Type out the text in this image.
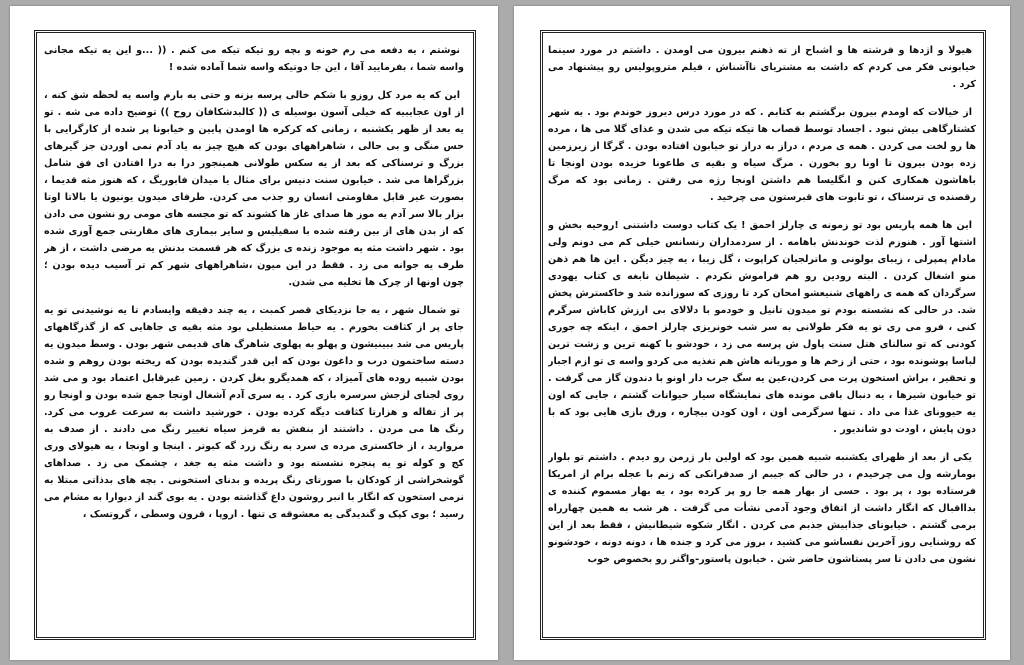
نوشتم ، یه دفعه می رم خونه و بچه رو تیکه تیکه می کنم . (( ...و این یه تیکه مجانی واسه شما ، بفرمایید آقا ، این جا دوتیکه واسه شما آماده شده !

این که یه مرد کل روزو با شکم خالی پرسه بزنه و حتی یه بارم واسه یه لحظه شق کنه ، از اون عجایبیه که خیلی آسون بوسیله ی (( کالبدشکافان روح )) توضیح داده می شه . تو یه بعد از ظهر یکشنبه ، زمانی که کرکره ها اومدن پایین و خیابونا پر شده از کارگرایی با حس منگی و بی حالی ، شاهراههای بودن که هیچ چیز به یاد آدم نمی اوردن جز گیرهای بزرگ و ترسناکی که بعد از یه سکس طولانی همینجور درا به درا افتادن ای فق شامل بزرگراها می شد . خیابون سنت دنیس برای مثال یا میدان فابوریگ ، که هنوز مثه قدیما ، بصورت غیر قابل مقاومتی انسان رو جذب می کردن. طرفای میدون یونیون یا بالاتا اوتا بزار بالا سر آدم یه موز ها صدای غاز ها کشوند که تو مجسه های مومی رو نشون می دادن که از بدن های از بین رفته شده با سفیلیس و سایر بیماری های مقاربتی جمع آوری شده بود . شهر داشت مثه یه موجود زنده ی بزرگ که هر قسمت بدنش یه مرضی داشت ، از هر طرف یه جوانه می زد . فقط در این میون ،شاهراههای شهر کم تر آسیب دیده بودن ؛ چون اونها از چرک ها تخلیه می شدن.

تو شمال شهر ، یه جا نزدیکای قصر کمبت ، یه چند دقیقه وایسادم تا یه نوشیدنی تو یه جای پر از کثافت بخورم . یه حیاط مستطیلی بود مثه بقیه ی جاهایی که از گذرگاههای پاریس می شد ببینیشون و پهلو به پهلوی شاهرگ های قدیمی شهر بودن . وسط میدون یه دسته ساختمون درب و داغون بودن که این قدر گندیده بودن که ریخته بودن روهم و شده بودن شبیه روده های آمیزاد ، که همدیگرو بغل کردن . زمین غیرقابل اعتماد بود و می شد روی لجنای لزجش سرسره بازی کرد . یه سری آدم آشغال اونجا جمع شده بودن و اونجا رو پر از تفاله و هزارتا کثافت دیگه کرده بودن . خورشید داشت به سرعت غروب می کرد. رنگ ها می مردن . داشتند از بنفش به قرمز سیاه تغییر رنگ می دادند . از صدف به مروارید ، از خاکستری مرده ی سرد به رنگ زرد گه کبوتر . اینجا و اونجا ، یه هیولای وری کج و کوله تو یه پنجره نشسته بود و داشت مثه یه جغد ، چشمک می زد . صداهای گوشخراشی از کودکان با صورتای رنگ پریده و بدنای استخونی . بچه های بدذاتی مبتلا به نرمی استخون که انگار با انبر روشون داغ گذاشته بودن . یه بوی گند از دیوارا به مشام می رسید ؛ بوی کپک و گندیدگی یه معشوقه ی تنها . اروپا ، قرون وسطی ، گروتسک ،

هیولا و اژدها و فرشته ها و اشباح از ته ذهنم بیرون می اومدن . داشتم در مورد سینما خیابونی فکر می کردم که داشت به مشتریای ناآشناش ، فیلم متروپولیس رو پیشنهاد می کرد .

از خیالات که اومدم بیرون برگشتم به کتابم . که در مورد درس دیروز خوندم بود . یه شهر کشتارگاهی بیش نبود . اجساد توسط قصاب ها تیکه تیکه می شدن و غذای گلا می ها ، مرده ها رو لخت می کردن . همه ی مردم ، دراز به دراز تو خیابون افتاده بودن . گرگا از زیرزمین زده بودن بیرون تا اونا رو بخورن . مرگ سیاه و بقیه ی طاعونا خزیده بودن اونجا تا باهاشون همکاری کنن و انگلیسا هم داشتن اونجا رژه می رفتن . زمانی بود که مرگ رقصنده ی ترسناک ، تو تابوت های قبرستون می چرخید .

این ها همه پاریس بود تو زمونه ی چارلز احمق ! یک کتاب دوست داشتنی !روحیه بخش و اشتها آور . هنوزم لذت خوندنش باهامه . از سردمداران رنسانس خیلی کم می دونم ولی مادام پمپرلی ، زیبای بولونی و ماترلجیان کراپوت ، گل زیبا ، یه چیز دیگن . این ها هم ذهن منو اشغال کردن . البته رودین رو هم فراموش نکردم . شیطان نابغه ی کتاب یهودی سرگردان که همه ی راههای شنیعشو امحان کرد تا روزی که سوزانده شد و خاکسترش پخش شد. در حالی که نشسته بودم تو میدون تانیل و خودمو با دلالای بی ارزش کاباش سرگرم کنی ، فرو می ری تو یه فکر طولانی به سر شب خونریزی چارلز احمق ، اینکه چه جوری کودنی که تو سالنای هتل سنت پاول ش پرسه می زد ، خودشو با کهنه ترین و زشت ترین لباسا پوشونده بود ، حتی از زخم ها و موریانه هاش هم تغذیه می کردو واسه ی تو ازم اجبار و تحقیر ، براش استخون پرت می کردن،عین یه سگ جرب دار اونو با دندون گاز می گرفت . تو خیابون شیرها ، یه دنبال باقی مونده های نمایشگاه سیار حیوانات گشتم ، جایی که اون یه حیوونای غذا می داد . تنها سرگرمی اون ، اون کودن بیچاره ، ورق بازی هایی بود که با دون پایش ، اودت دو شاندیور .

یکی از بعد از ظهرای یکشنبه شبیه همین بود که اولین بار ژرمن رو دیدم . داشتم تو بلوار بومارشه ول می چرخیدم ، در حالی که جیبم از صدفرانکی که زنم با عجله برام از امریکا فرستاده بود ، پر بود . حسی از بهار همه جا رو پر کرده بود ، یه بهار مسموم کننده ی بدااقبال که انگار داشت از اتفاق وجود آدمی نشأت می گرفت . هر شب به همین چهارراه برمی گشتم . خیابونای جذابیش جذبم می کردن . انگار شکوه شیطانیش ، فقط بعد از این که روشنایی روز آخرین نفساشو می کشید ، بروز می کرد و جنده ها ، دونه دونه ، خودشونو نشون می دادن تا سر پستاشون حاضر شن . خیابون پاستور-واگنر رو بخصوص خوب
